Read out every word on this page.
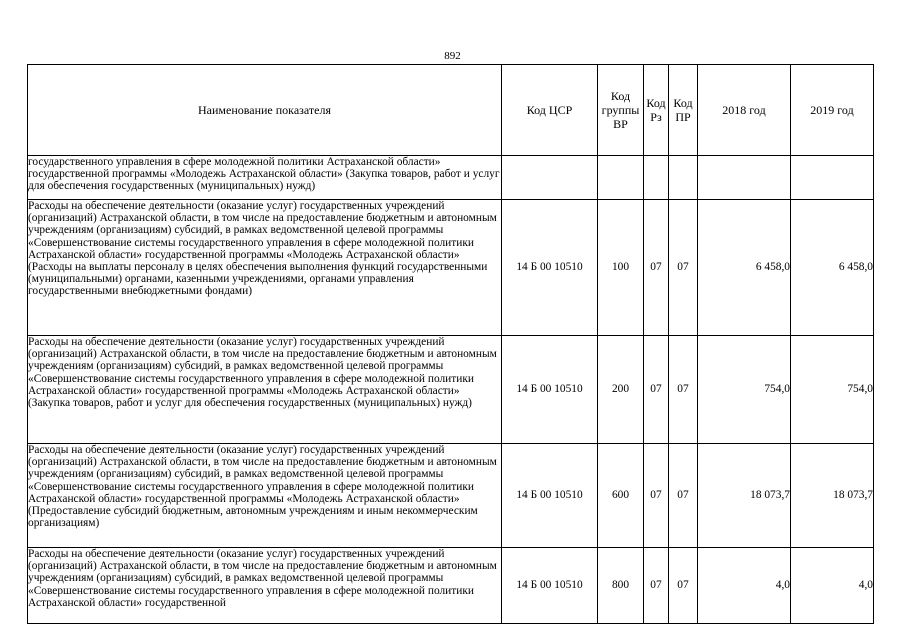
892
Наименование показателя	Код ЦСР	Код группы ВР	Код Рз	Код ПР	2018 год	2019 год
государственного управления в сфере молодежной политики Астраханской области» государственной программы «Молодежь Астраханской области» (Закупка товаров, работ и услуг для обеспечения государственных (муниципальных) нужд)						
Расходы на обеспечение деятельности (оказание услуг) государственных учреждений (организаций) Астраханской области, в том числе на предоставление бюджетным и автономным учреждениям (организациям) субсидий, в рамках ведомственной целевой программы «Совершенствование системы государственного управления в сфере молодежной политики Астраханской области» государственной программы «Молодежь Астраханской области» (Расходы на выплаты персоналу в целях обеспечения выполнения функций государственными (муниципальными) органами, казенными учреждениями, органами управления государственными внебюджетными фондами)	14 Б 00 10510	100	07	07	6 458,0	6 458,0
Расходы на обеспечение деятельности (оказание услуг) государственных учреждений (организаций) Астраханской области, в том числе на предоставление бюджетным и автономным учреждениям (организациям) субсидий, в рамках ведомственной целевой программы «Совершенствование системы государственного управления в сфере молодежной политики Астраханской области» государственной программы «Молодежь Астраханской области» (Закупка товаров, работ и услуг для обеспечения государственных (муниципальных) нужд)	14 Б 00 10510	200	07	07	754,0	754,0
Расходы на обеспечение деятельности (оказание услуг) государственных учреждений (организаций) Астраханской области, в том числе на предоставление бюджетным и автономным учреждениям (организациям) субсидий, в рамках ведомственной целевой программы «Совершенствование системы государственного управления в сфере молодежной политики Астраханской области» государственной программы «Молодежь Астраханской области» (Предоставление субсидий бюджетным, автономным учреждениям и иным некоммерческим организациям)	14 Б 00 10510	600	07	07	18 073,7	18 073,7
Расходы на обеспечение деятельности (оказание услуг) государственных учреждений (организаций) Астраханской области, в том числе на предоставление бюджетным и автономным учреждениям (организациям) субсидий, в рамках ведомственной целевой программы «Совершенствование системы государственного управления в сфере молодежной политики Астраханской области» государственной	14 Б 00 10510	800	07	07	4,0	4,0
